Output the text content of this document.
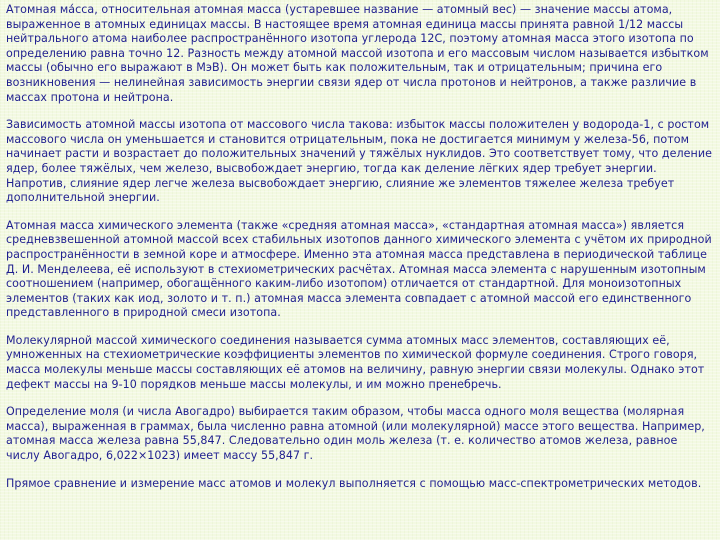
Атомная ма́сса, относительная атомная масса (устаревшее название — атомный вес) — значение массы атома, выраженное в атомных единицах массы. В настоящее время атомная единица массы принята равной 1/12 массы нейтрального атома наиболее распространённого изотопа углерода 12C, поэтому атомная масса этого изотопа по определению равна точно 12. Разность между атомной массой изотопа и его массовым числом называется избытком массы (обычно его выражают в МэВ). Он может быть как положительным, так и отрицательным; причина его возникновения — нелинейная зависимость энергии связи ядер от числа протонов и нейтронов, а также различие в массах протона и нейтрона.

Зависимость атомной массы изотопа от массового числа такова: избыток массы положителен у водорода-1, с ростом массового числа он уменьшается и становится отрицательным, пока не достигается минимум у железа-56, потом начинает расти и возрастает до положительных значений у тяжёлых нуклидов. Это соответствует тому, что деление ядер, более тяжёлых, чем железо, высвобождает энергию, тогда как деление лёгких ядер требует энергии. Напротив, слияние ядер легче железа высвобождает энергию, слияние же элементов тяжелее железа требует дополнительной энергии.

Атомная масса химического элемента (также «средняя атомная масса», «стандартная атомная масса») является средневзвешенной атомной массой всех стабильных изотопов данного химического элемента с учётом их природной распространённости в земной коре и атмосфере. Именно эта атомная масса представлена в периодической таблице Д. И. Менделеева, её используют в стехиометрических расчётах. Атомная масса элемента с нарушенным изотопным соотношением (например, обогащённого каким-либо изотопом) отличается от стандартной. Для моноизотопных элементов (таких как иод, золото и т. п.) атомная масса элемента совпадает с атомной массой его единственного представленного в природной смеси изотопа.

Молекулярной массой химического соединения называется сумма атомных масс элементов, составляющих её, умноженных на стехиометрические коэффициенты элементов по химической формуле соединения. Строго говоря, масса молекулы меньше массы составляющих её атомов на величину, равную энергии связи молекулы. Однако этот дефект массы на 9-10 порядков меньше массы молекулы, и им можно пренебречь.

Определение моля (и числа Авогадро) выбирается таким образом, чтобы масса одного моля вещества (молярная масса), выраженная в граммах, была численно равна атомной (или молекулярной) массе этого вещества. Например, атомная масса железа равна 55,847. Следовательно один моль железа (т. е. количество атомов железа, равное числу Авогадро, 6,022×1023) имеет массу 55,847 г.

Прямое сравнение и измерение масс атомов и молекул выполняется с помощью масс-спектрометрических методов.
